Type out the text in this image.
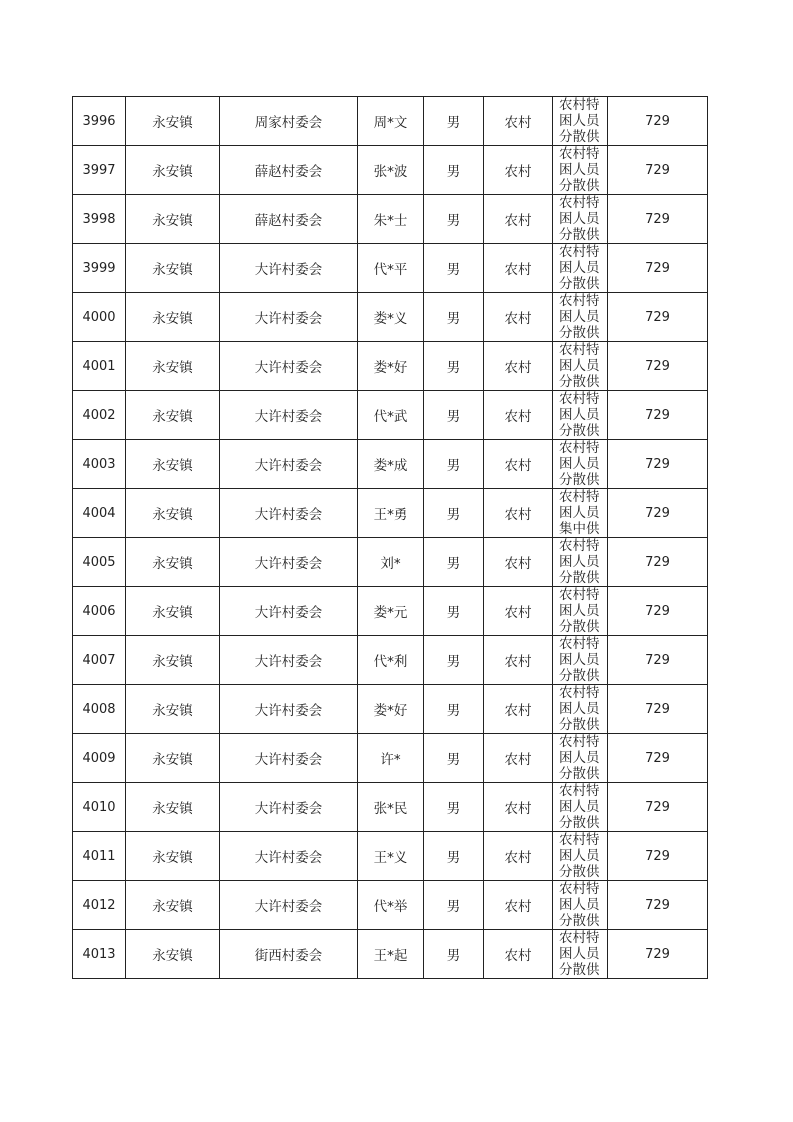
3996	永安镇	周家村委会	周*文	男	农村	农村特困人员分散供	729
3997	永安镇	薛赵村委会	张*波	男	农村	农村特困人员分散供	729
3998	永安镇	薛赵村委会	朱*士	男	农村	农村特困人员分散供	729
3999	永安镇	大许村委会	代*平	男	农村	农村特困人员分散供	729
4000	永安镇	大许村委会	娄*义	男	农村	农村特困人员分散供	729
4001	永安镇	大许村委会	娄*好	男	农村	农村特困人员分散供	729
4002	永安镇	大许村委会	代*武	男	农村	农村特困人员分散供	729
4003	永安镇	大许村委会	娄*成	男	农村	农村特困人员分散供	729
4004	永安镇	大许村委会	王*勇	男	农村	农村特困人员集中供	729
4005	永安镇	大许村委会	刘*	男	农村	农村特困人员分散供	729
4006	永安镇	大许村委会	娄*元	男	农村	农村特困人员分散供	729
4007	永安镇	大许村委会	代*利	男	农村	农村特困人员分散供	729
4008	永安镇	大许村委会	娄*好	男	农村	农村特困人员分散供	729
4009	永安镇	大许村委会	许*	男	农村	农村特困人员分散供	729
4010	永安镇	大许村委会	张*民	男	农村	农村特困人员分散供	729
4011	永安镇	大许村委会	王*义	男	农村	农村特困人员分散供	729
4012	永安镇	大许村委会	代*举	男	农村	农村特困人员分散供	729
4013	永安镇	街西村委会	王*起	男	农村	农村特困人员分散供	729
